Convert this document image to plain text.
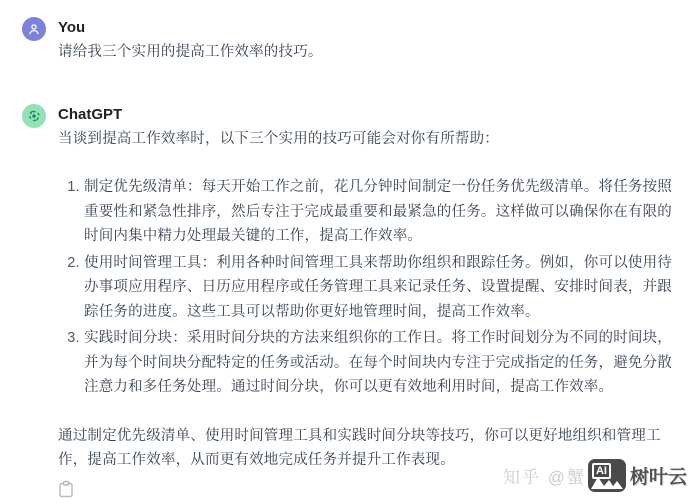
You
请给我三个实用的提高工作效率的技巧。
ChatGPT
当谈到提高工作效率时，以下三个实用的技巧可能会对你有所帮助：
1. 制定优先级清单：每天开始工作之前，花几分钟时间制定一份任务优先级清单。将任务按照重要性和紧急性排序，然后专注于完成最重要和最紧急的任务。这样做可以确保你在有限的时间内集中精力处理最关键的工作，提高工作效率。
2. 使用时间管理工具：利用各种时间管理工具来帮助你组织和跟踪任务。例如，你可以使用待办事项应用程序、日历应用程序或任务管理工具来记录任务、设置提醒、安排时间表，并跟踪任务的进度。这些工具可以帮助你更好地管理时间，提高工作效率。
3. 实践时间分块：采用时间分块的方法来组织你的工作日。将工作时间划分为不同的时间块，并为每个时间块分配特定的任务或活动。在每个时间块内专注于完成指定的任务，避免分散注意力和多任务处理。通过时间分块，你可以更有效地利用时间，提高工作效率。
通过制定优先级清单、使用时间管理工具和实践时间分块等技巧，你可以更好地组织和管理工作，提高工作效率，从而更有效地完成任务并提升工作表现。
知乎 @蟹 AI 树叶云
